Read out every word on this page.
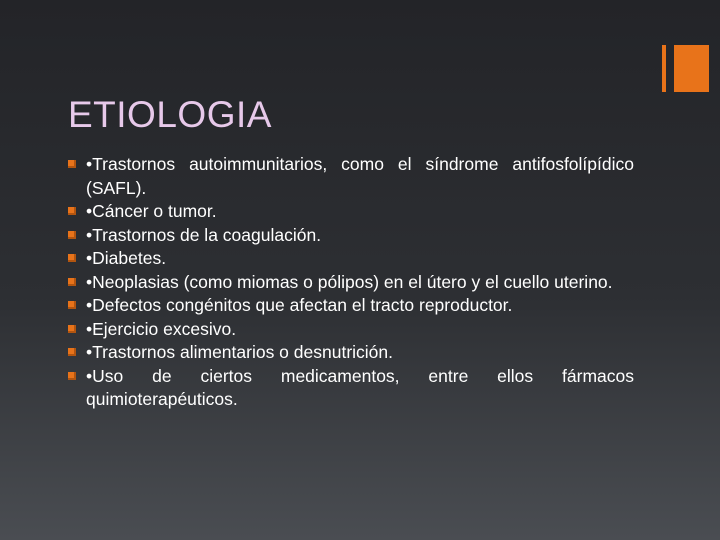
ETIOLOGIA
•Trastornos autoimmunitarios, como el síndrome antifosfolípídico (SAFL).
•Cáncer o tumor.
•Trastornos de la coagulación.
•Diabetes.
•Neoplasias (como miomas o pólipos) en el útero y el cuello uterino.
•Defectos congénitos que afectan el tracto reproductor.
•Ejercicio excesivo.
•Trastornos alimentarios o desnutrición.
•Uso de ciertos medicamentos, entre ellos fármacos quimioterapéuticos.
